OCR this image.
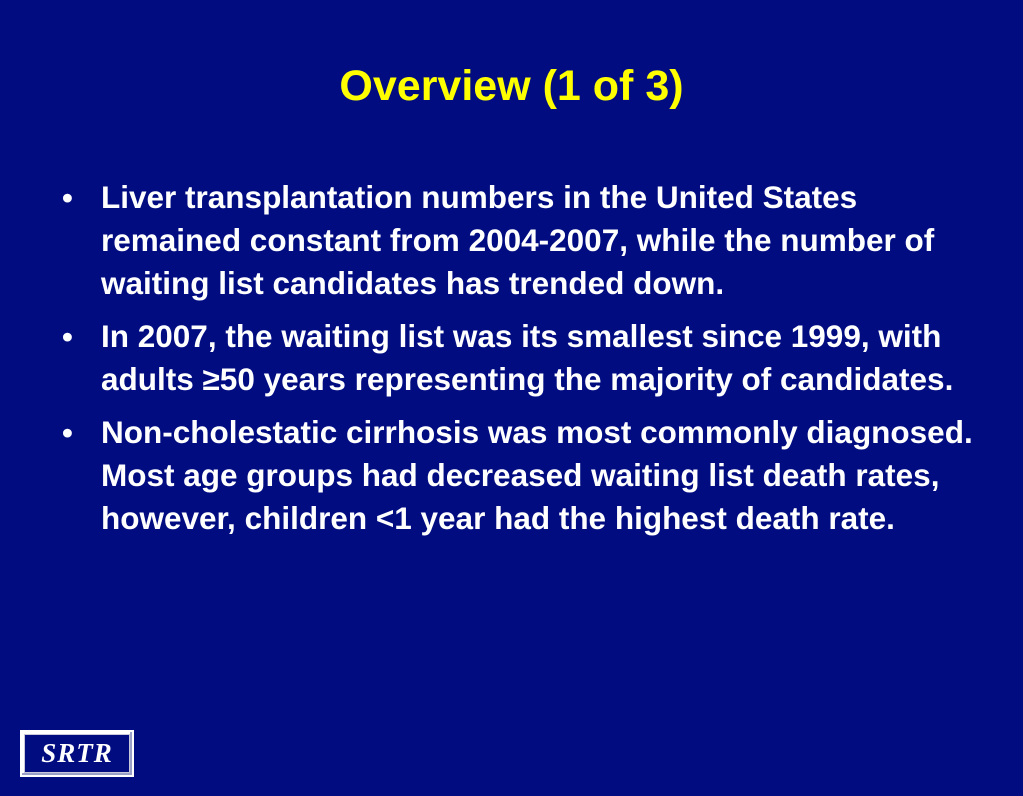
Overview (1 of 3)
• Liver transplantation numbers in the United States remained constant from 2004-2007, while the number of waiting list candidates has trended down.
• In 2007, the waiting list was its smallest since 1999, with adults ≥50 years representing the majority of candidates.
• Non-cholestatic cirrhosis was most commonly diagnosed. Most age groups had decreased waiting list death rates, however, children <1 year had the highest death rate.
SRTR
